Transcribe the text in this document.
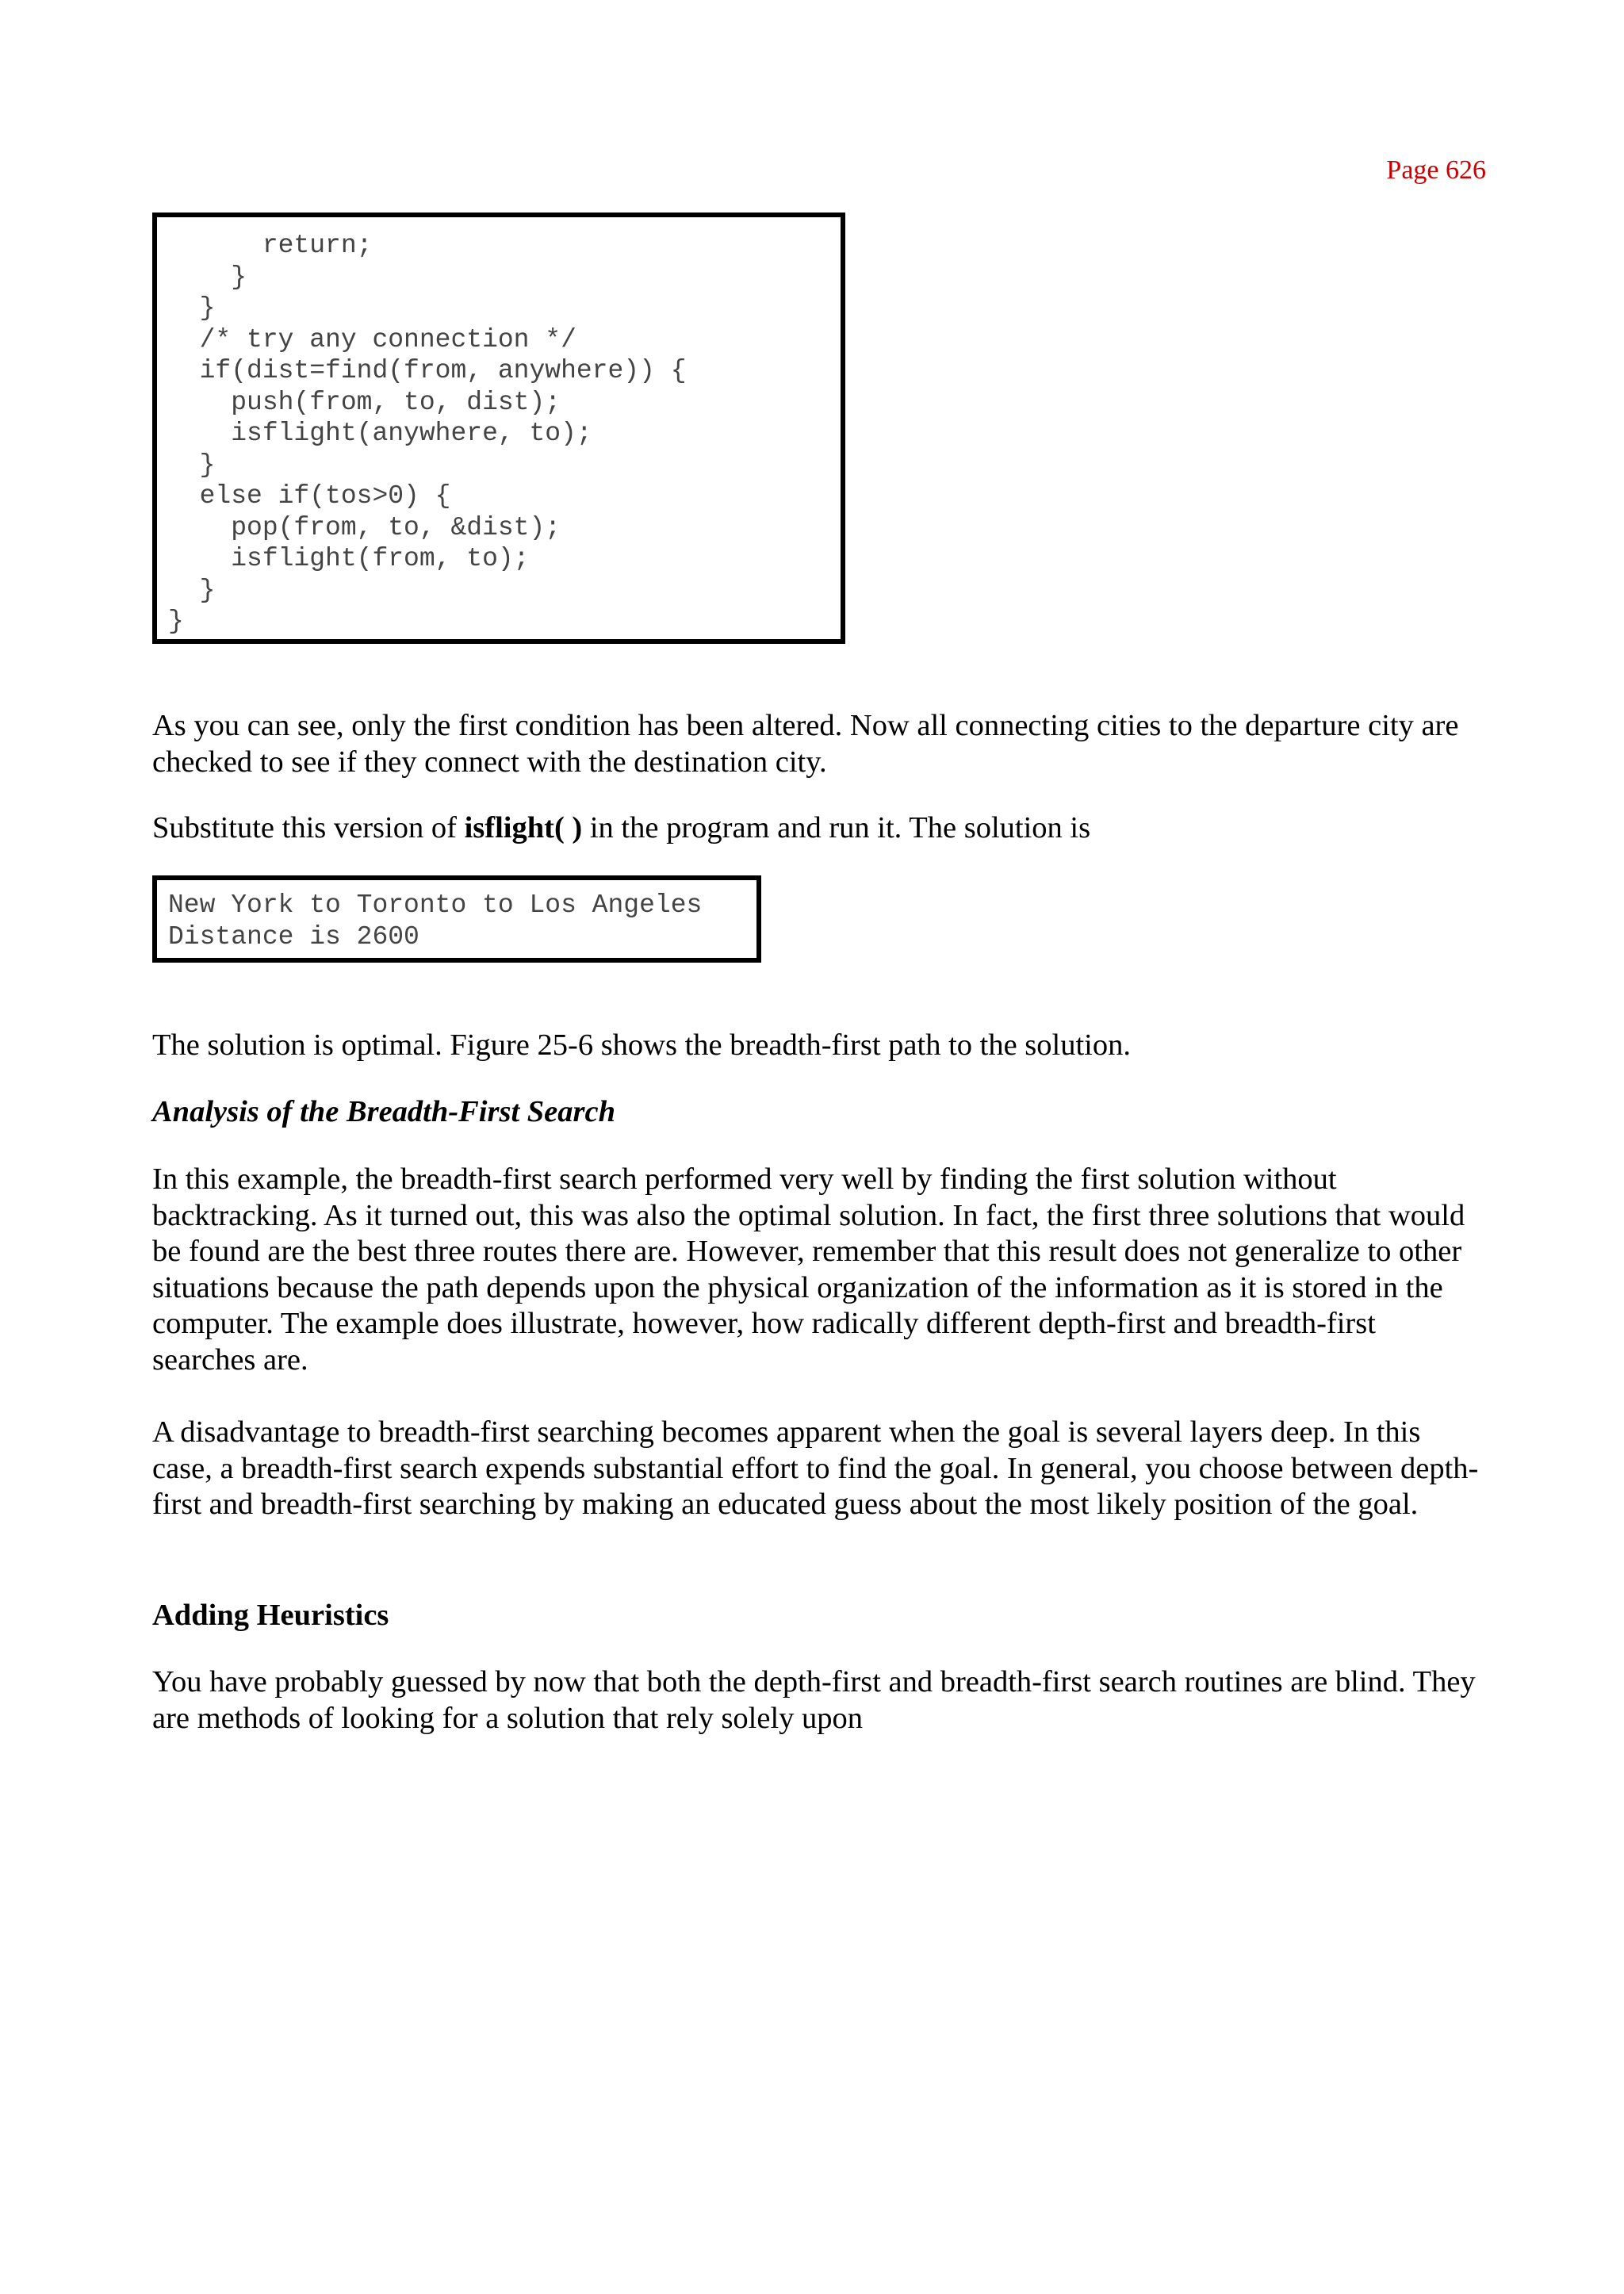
Page 626
return;
}
}
/* try any connection */
if(dist=find(from, anywhere)) {
push(from, to, dist);
isflight(anywhere, to);
}
else if(tos>0) {
pop(from, to, &dist);
isflight(from, to);
}
}

As you can see, only the first condition has been altered. Now all connecting cities to the departure city are checked to see if they connect with the destination city.

Substitute this version of isflight( ) in the program and run it. The solution is

New York to Toronto to Los Angeles
Distance is 2600

The solution is optimal. Figure 25-6 shows the breadth-first path to the solution.

Analysis of the Breadth-First Search

In this example, the breadth-first search performed very well by finding the first solution without backtracking. As it turned out, this was also the optimal solution. In fact, the first three solutions that would be found are the best three routes there are. However, remember that this result does not generalize to other situations because the path depends upon the physical organization of the information as it is stored in the computer. The example does illustrate, however, how radically different depth-first and breadth-first searches are.

A disadvantage to breadth-first searching becomes apparent when the goal is several layers deep. In this case, a breadth-first search expends substantial effort to find the goal. In general, you choose between depth-first and breadth-first searching by making an educated guess about the most likely position of the goal.

Adding Heuristics

You have probably guessed by now that both the depth-first and breadth-first search routines are blind. They are methods of looking for a solution that rely solely upon
